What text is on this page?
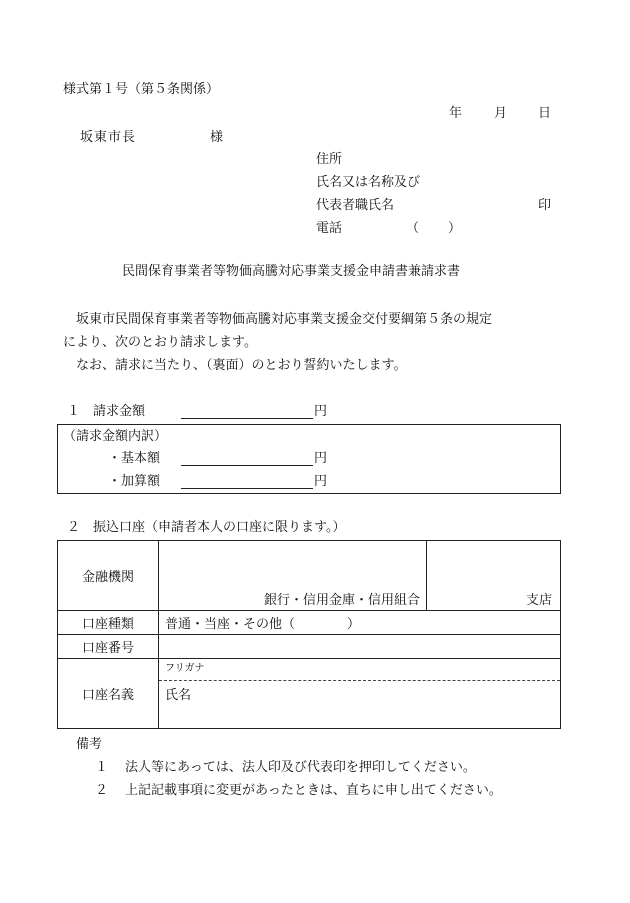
様式第１号（第５条関係）
年 月 日
坂東市長	様
住所
氏名又は名称及び
代表者職氏名	印
電話	（ ）
民間保育事業者等物価高騰対応事業支援金申請書兼請求書
坂東市民間保育事業者等物価高騰対応事業支援金交付要綱第５条の規定
により、次のとおり請求します。
なお、請求に当たり、（裏面）のとおり誓約いたします。
１ 請求金額	円
（請求金額内訳）
・基本額	円
・加算額	円
２ 振込口座（申請者本人の口座に限ります。）
金融機関	銀行・信用金庫・信用組合	支店
口座種類	普通・当座・その他（　　　　）	
口座番号		
口座名義	フリガナ
氏名	
備考
１ 法人等にあっては、法人印及び代表印を押印してください。
２ 上記記載事項に変更があったときは、直ちに申し出てください。
